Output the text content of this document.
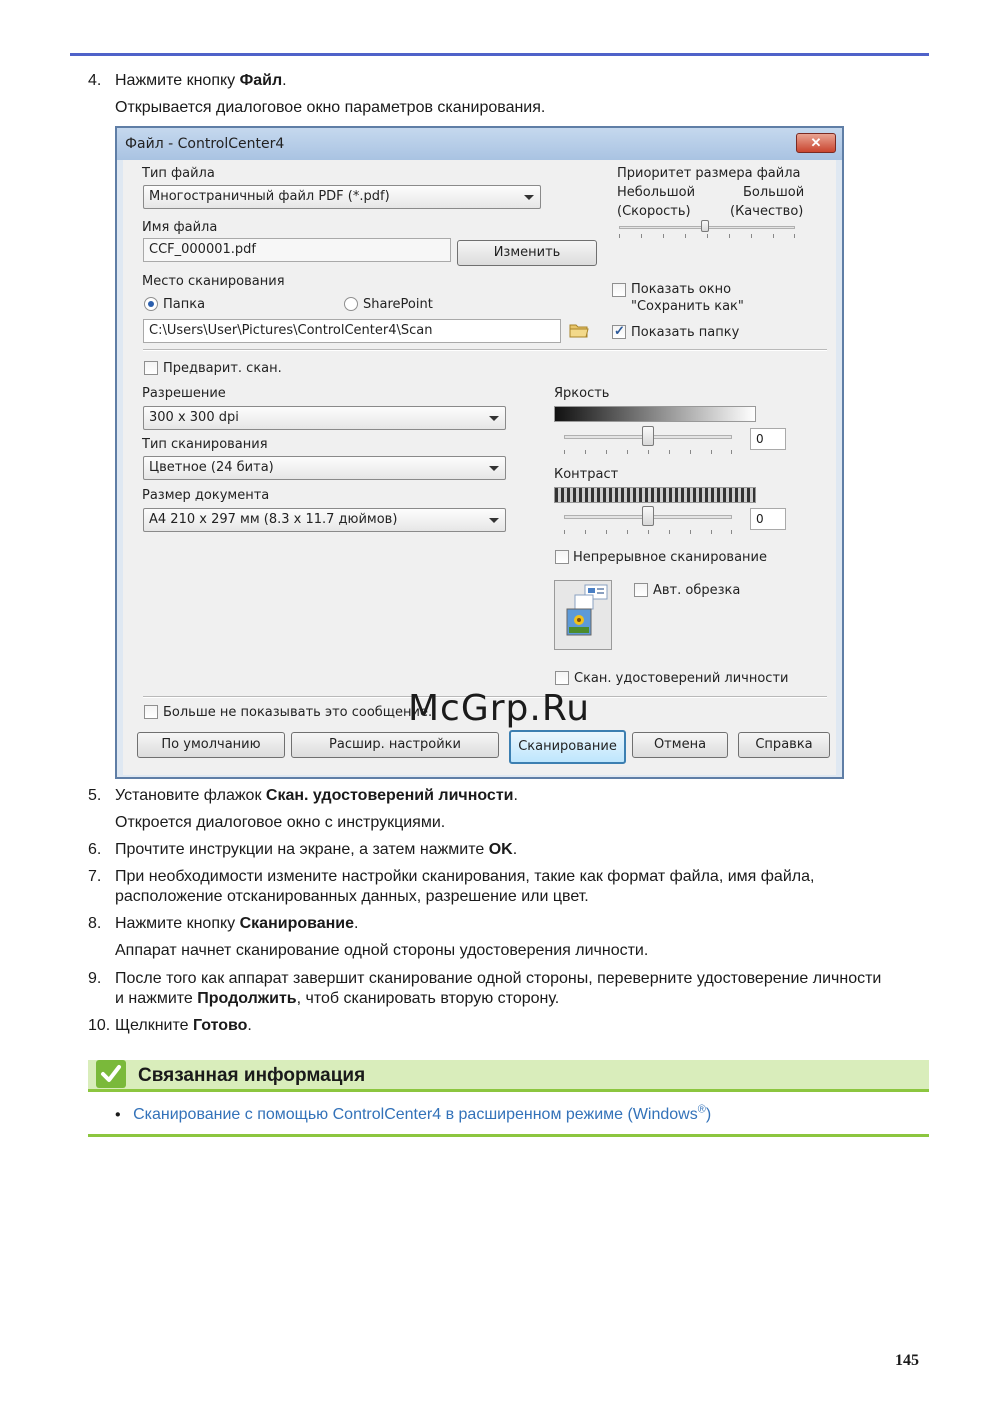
4. Нажмите кнопку Файл.
Открывается диалоговое окно параметров сканирования.
Файл - ControlCenter4	✕
Тип файла
Многостраничный файл PDF (*.pdf)
Имя файла
CCF_000001.pdf	Изменить
Приоритет размера файла
Небольшой
(Скорость)
Большой
(Качество)
Место сканирования
Папка	SharePoint
C:\Users\User\Pictures\ControlCenter4\Scan
Показать окно "Сохранить как"
✓
Показать папку
Предварит. скан.
Разрешение
300 x 300 dpi
Тип сканирования
Цветное (24 бита)
Размер документа
A4 210 x 297 мм (8.3 x 11.7 дюймов)
Яркость
0
Контраст
0
Непрерывное сканирование
Авт. обрезка
Скан. удостоверений личности
Больше не показывать это сообщение.
По умолчанию	Расшир. настройки	Сканирование	Отмена	Справка
McGrp.Ru
5. Установите флажок Скан. удостоверений личности.
Откроется диалоговое окно с инструкциями.
6. Прочтите инструкции на экране, а затем нажмите OK.
7. При необходимости измените настройки сканирования, такие как формат файла, имя файла,
расположение отсканированных данных, разрешение или цвет.
8. Нажмите кнопку Сканирование.
Аппарат начнет сканирование одной стороны удостоверения личности.
9. После того как аппарат завершит сканирование одной стороны, переверните удостоверение личности
и нажмите Продолжить, чтоб сканировать вторую сторону.
10. Щелкните Готово.
Связанная информация
• Сканирование с помощью ControlCenter4 в расширенном режиме (Windows®)
145
